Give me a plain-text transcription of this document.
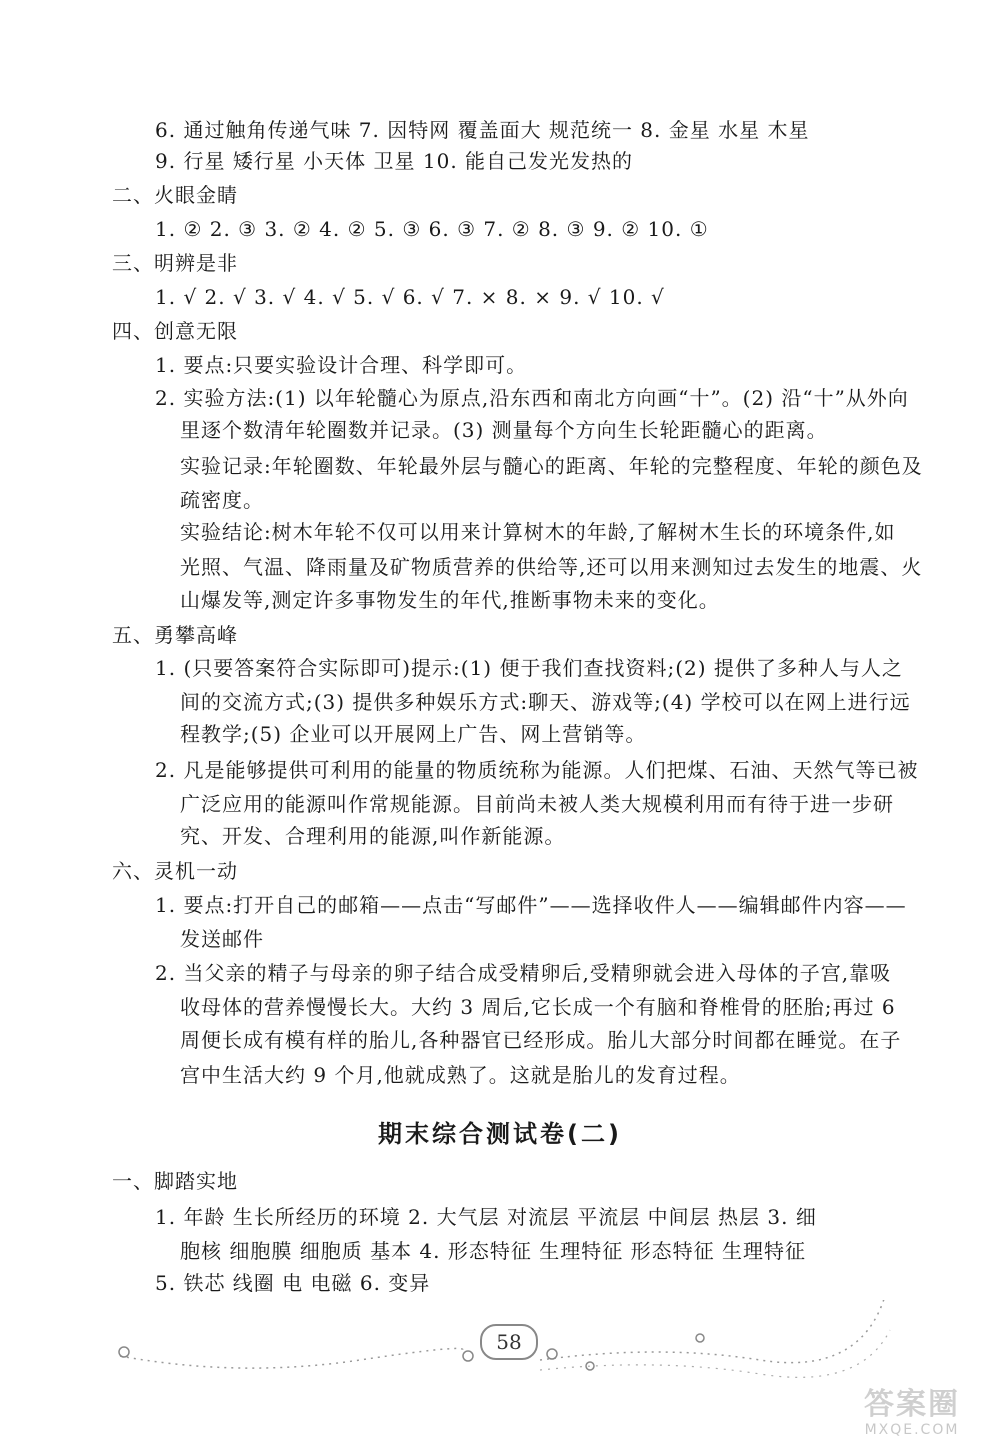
6. 通过触角传递气味 7. 因特网 覆盖面大 规范统一 8. 金星 水星 木星
9. 行星 矮行星 小天体 卫星 10. 能自己发光发热的
二、火眼金睛
1. ② 2. ③ 3. ② 4. ② 5. ③ 6. ③ 7. ② 8. ③ 9. ② 10. ①
三、明辨是非
1. √ 2. √ 3. √ 4. √ 5. √ 6. √ 7. × 8. × 9. √ 10. √
四、创意无限
1. 要点:只要实验设计合理、科学即可。
2. 实验方法:(1) 以年轮髓心为原点,沿东西和南北方向画“十”。(2) 沿“十”从外向
里逐个数清年轮圈数并记录。(3) 测量每个方向生长轮距髓心的距离。
实验记录:年轮圈数、年轮最外层与髓心的距离、年轮的完整程度、年轮的颜色及
疏密度。
实验结论:树木年轮不仅可以用来计算树木的年龄,了解树木生长的环境条件,如
光照、气温、降雨量及矿物质营养的供给等,还可以用来测知过去发生的地震、火
山爆发等,测定许多事物发生的年代,推断事物未来的变化。
五、勇攀高峰
1. (只要答案符合实际即可)提示:(1) 便于我们查找资料;(2) 提供了多种人与人之
间的交流方式;(3) 提供多种娱乐方式:聊天、游戏等;(4) 学校可以在网上进行远
程教学;(5) 企业可以开展网上广告、网上营销等。
2. 凡是能够提供可利用的能量的物质统称为能源。人们把煤、石油、天然气等已被
广泛应用的能源叫作常规能源。目前尚未被人类大规模利用而有待于进一步研
究、开发、合理利用的能源,叫作新能源。
六、灵机一动
1. 要点:打开自己的邮箱——点击“写邮件”——选择收件人——编辑邮件内容——
发送邮件
2. 当父亲的精子与母亲的卵子结合成受精卵后,受精卵就会进入母体的子宫,靠吸
收母体的营养慢慢长大。大约 3 周后,它长成一个有脑和脊椎骨的胚胎;再过 6
周便长成有模有样的胎儿,各种器官已经形成。胎儿大部分时间都在睡觉。在子
宫中生活大约 9 个月,他就成熟了。这就是胎儿的发育过程。
期末综合测试卷(二)
一、脚踏实地
1. 年龄 生长所经历的环境 2. 大气层 对流层 平流层 中间层 热层 3. 细
胞核 细胞膜 细胞质 基本 4. 形态特征 生理特征 形态特征 生理特征
5. 铁芯 线圈 电 电磁 6. 变异
58
答案圈
MXQE.COM
